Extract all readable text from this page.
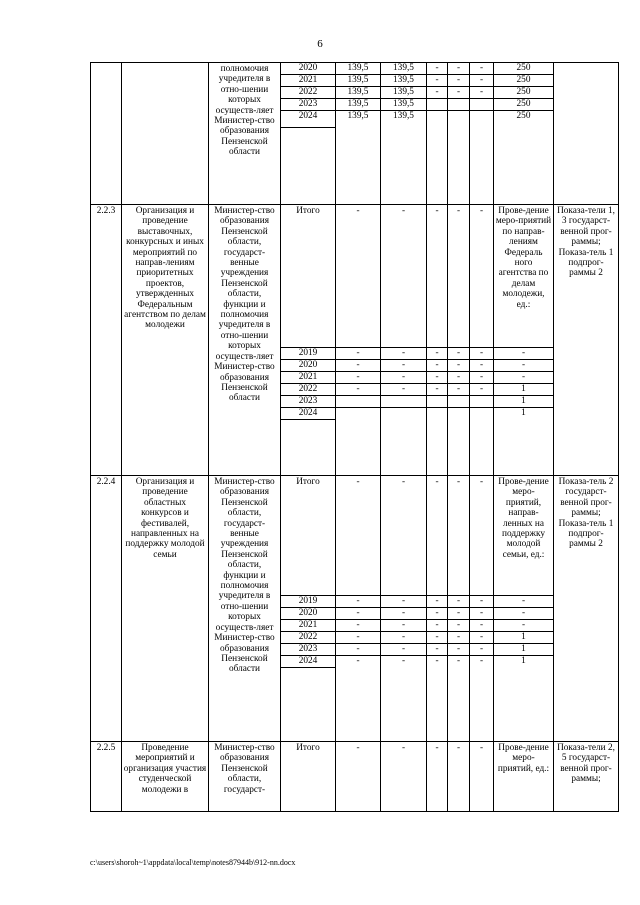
6
		полномочия учредителя в отно-шении которых осуществ-ляет Министер-ство образования Пензенской области	2020	139,5	139,5	-	-	-	250	
			2021	139,5	139,5	-	-	-	250	
			2022	139,5	139,5	-	-	-	250	
			2023	139,5	139,5				250	
			2024	139,5	139,5				250	

2.2.3	Организация и проведение выставочных, конкурсных и иных мероприятий по направ-лениям приоритетных проектов, утвержденных Федеральным агентством по делам молодежи	Министер-ство образования Пензенской области, государст-венные учреждения Пензенской области, функции и полномочия учредителя в отно-шении которых осуществ-ляет Министер-ство образования Пензенской области	Итого	-	-	-	-	-	Прове-дение меро-приятий по направ-лениям Федераль ного агентства по делам молодежи, ед.:	Показа-тели 1, 3 государст-венной прог-раммы; Показа-тель 1 подпрог-раммы 2
			2019	-	-	-	-	-	-	
			2020	-	-	-	-	-	-	
			2021	-	-	-	-	-	-	
			2022	-	-	-	-	-	1	
			2023						1	
			2024						1	

2.2.4	Организация и проведение областных конкурсов и фестивалей, направленных на поддержку молодой семьи	Министер-ство образования Пензенской области, государст-венные учреждения Пензенской области, функции и полномочия учредителя в отно-шении которых осуществ-ляет Министер-ство образования Пензенской области	Итого	-	-	-	-	-	Прове-дение меро-приятий, направ-ленных на поддержку молодой семьи, ед.:	Показа-тель 2 государст-венной прог-раммы; Показа-тель 1 подпрог-раммы 2
			2019	-	-	-	-	-	-	
			2020	-	-	-	-	-	-	
			2021	-	-	-	-	-	-	
			2022	-	-	-	-	-	1	
			2023	-	-	-	-	-	1	
			2024	-	-	-	-	-	1	

2.2.5	Проведение мероприятий и организация участия студенческой молодежи в	Министер-ство образования Пензенской области, государст-	Итого	-	-	-	-	-	Прове-дение меро-приятий, ед.:	Показа-тели 2, 5 государст-венной прог-раммы;
c:\users\shoroh~1\appdata\local\temp\notes87944b\912-nn.docx
